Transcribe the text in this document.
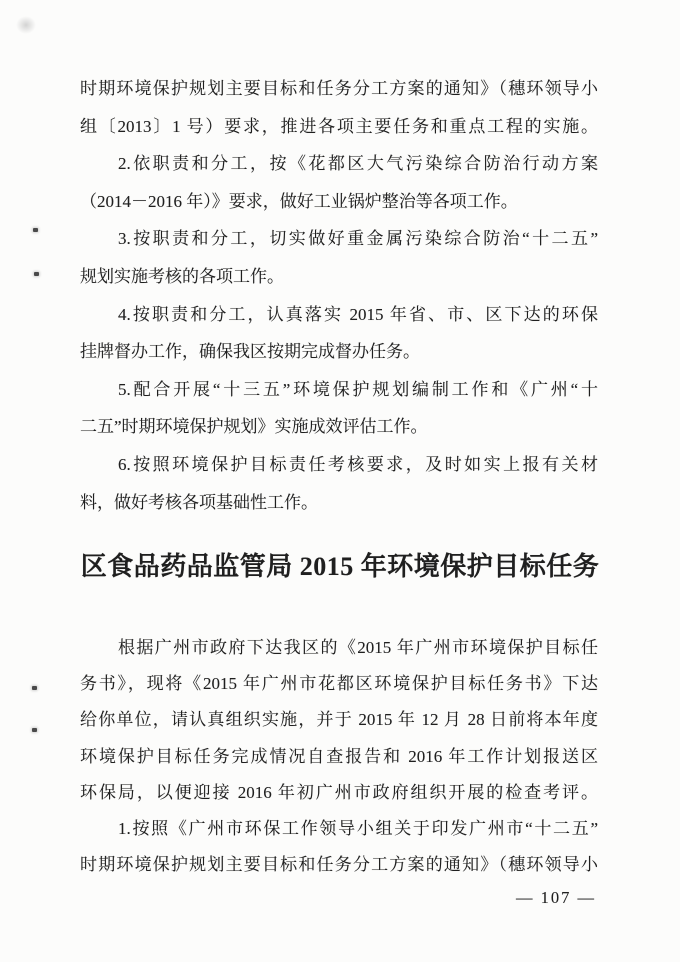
时期环境保护规划主要目标和任务分工方案的通知》（穗环领导小
组〔2013〕1 号）要求，推进各项主要任务和重点工程的实施。
2.依职责和分工，按《花都区大气污染综合防治行动方案
（2014－2016 年）》要求，做好工业锅炉整治等各项工作。
3.按职责和分工，切实做好重金属污染综合防治“十二五”
规划实施考核的各项工作。
4.按职责和分工，认真落实 2015 年省、市、区下达的环保
挂牌督办工作，确保我区按期完成督办任务。
5.配合开展“十三五”环境保护规划编制工作和《广州“十
二五”时期环境保护规划》实施成效评估工作。
6.按照环境保护目标责任考核要求，及时如实上报有关材
料，做好考核各项基础性工作。
区食品药品监管局 2015 年环境保护目标任务
根据广州市政府下达我区的《2015 年广州市环境保护目标任
务书》，现将《2015 年广州市花都区环境保护目标任务书》下达
给你单位，请认真组织实施，并于 2015 年 12 月 28 日前将本年度
环境保护目标任务完成情况自查报告和 2016 年工作计划报送区
环保局，以便迎接 2016 年初广州市政府组织开展的检查考评。
1.按照《广州市环保工作领导小组关于印发广州市“十二五”
时期环境保护规划主要目标和任务分工方案的通知》（穗环领导小
— 107 —
